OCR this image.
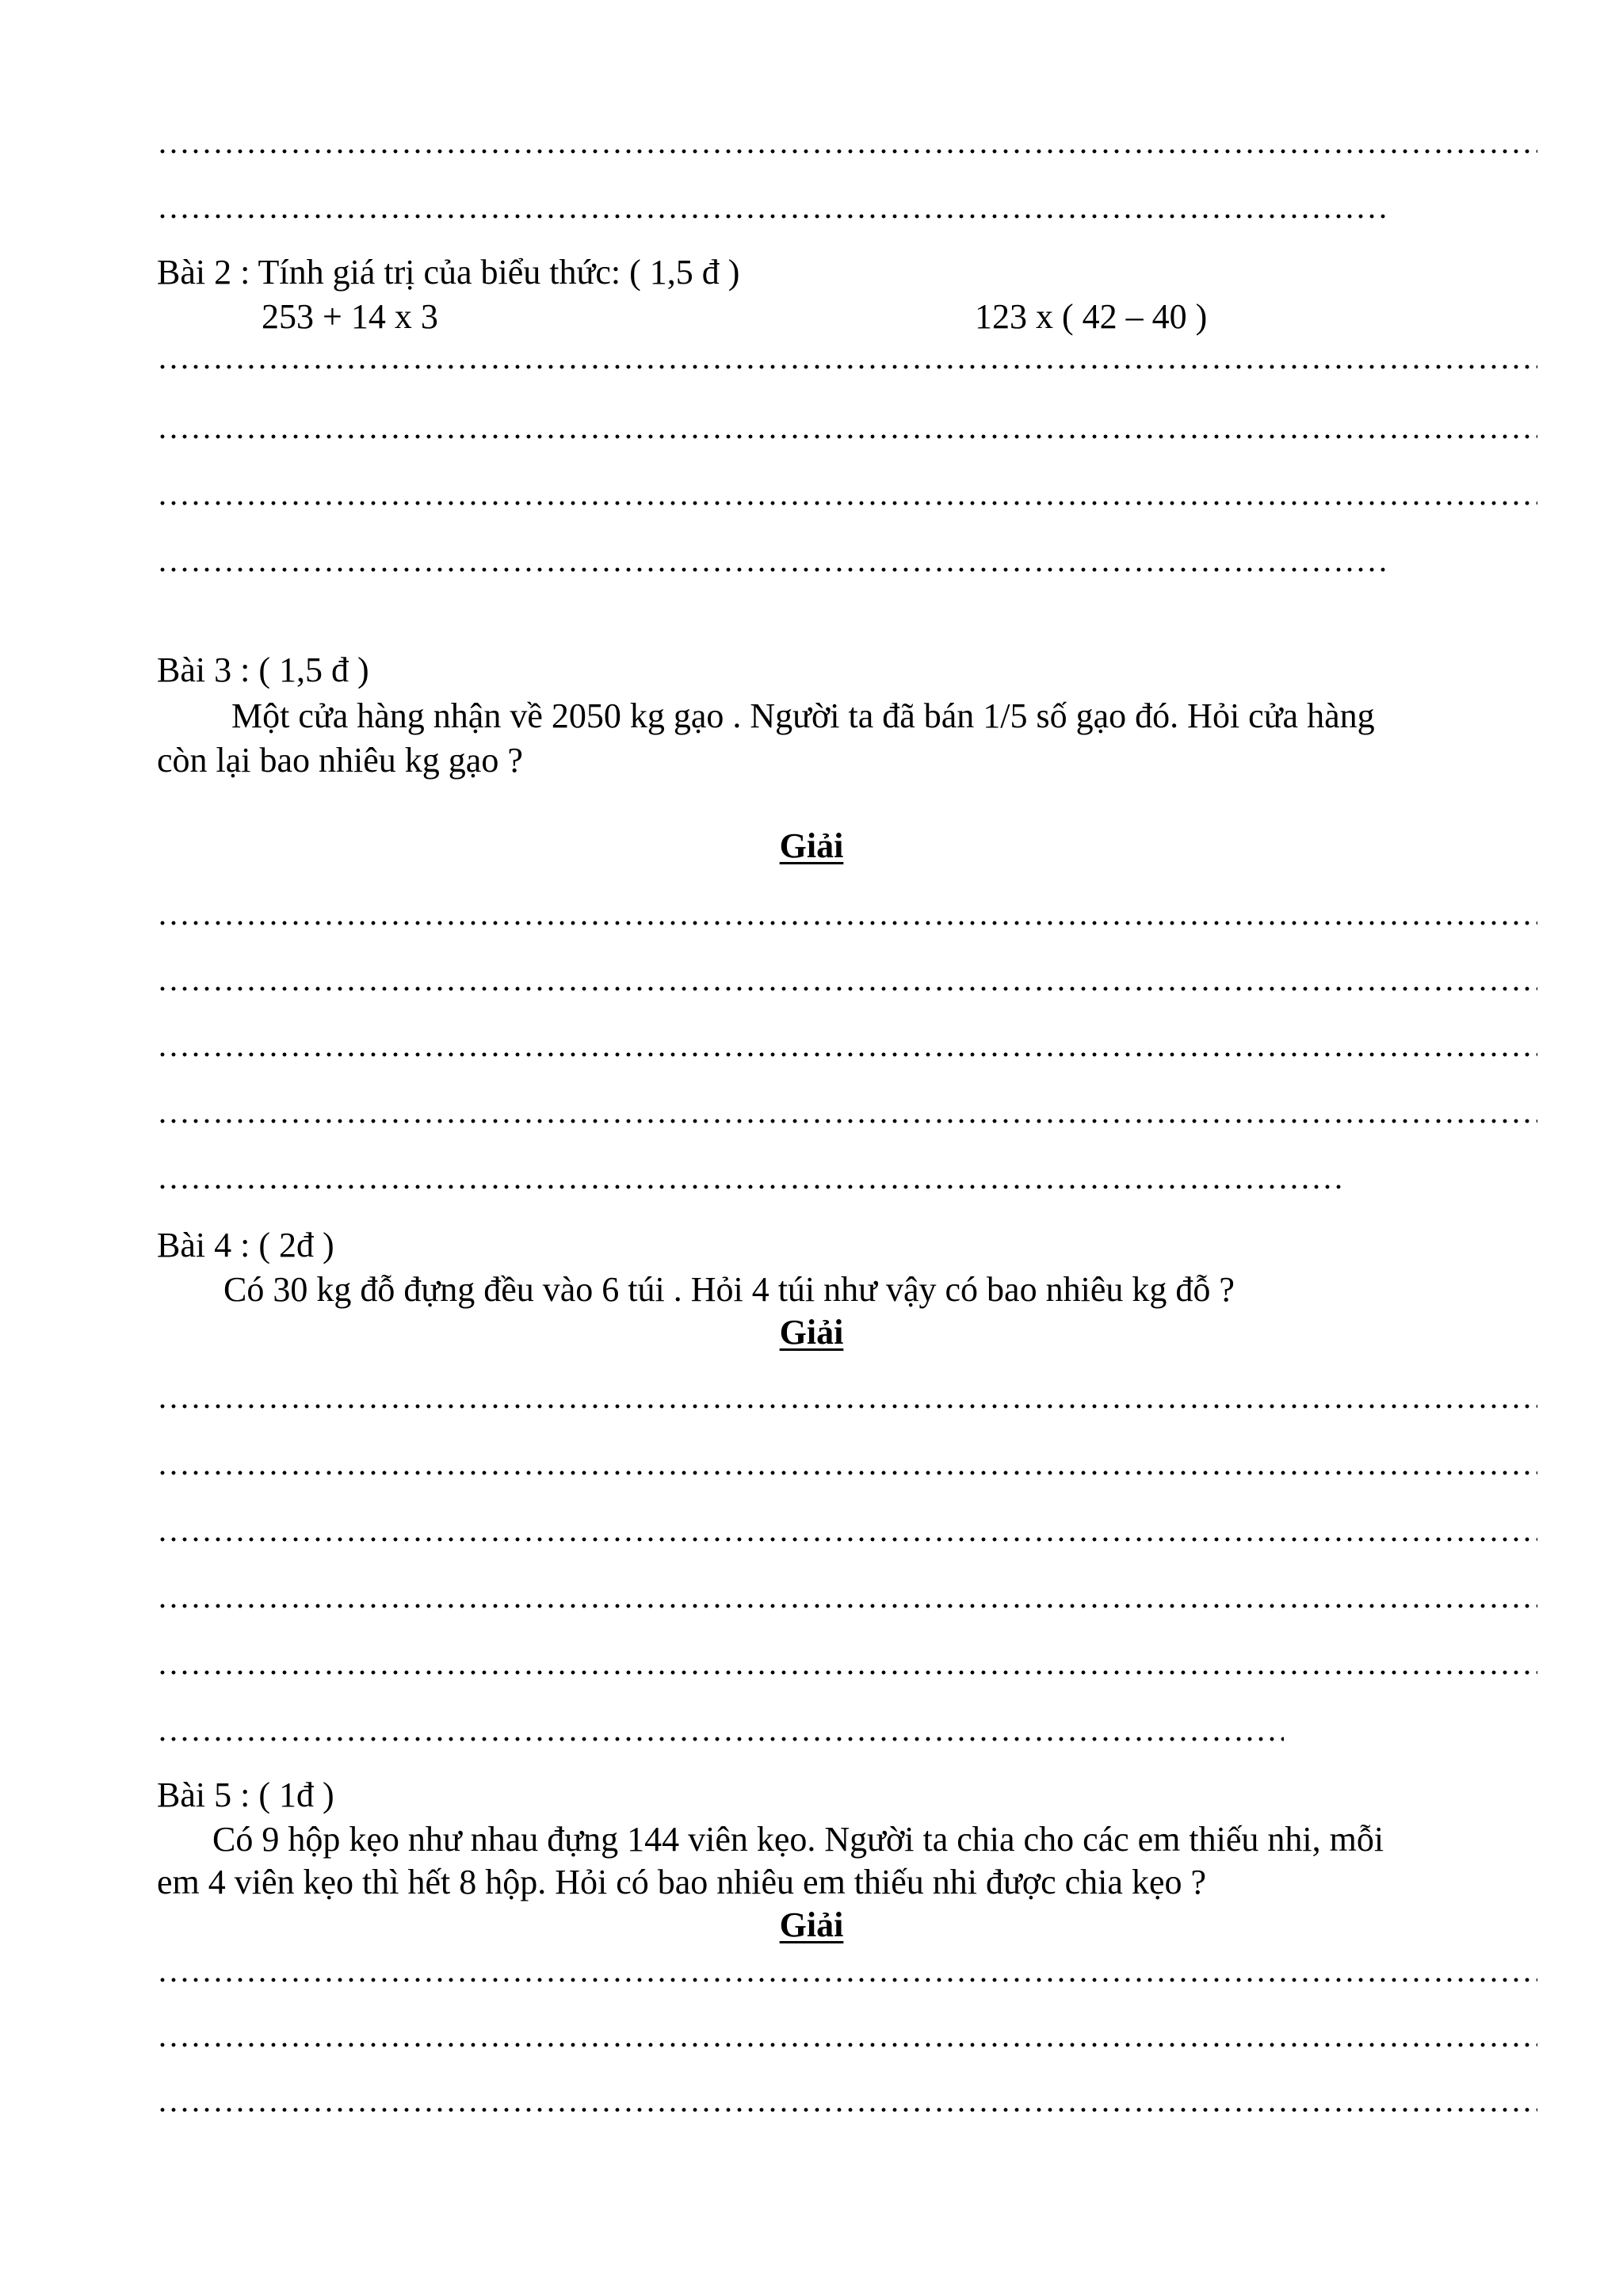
Bài 2 : Tính giá trị của biểu thức: ( 1,5 đ )
253 + 14 x 3	123 x ( 42 – 40 )
Bài 3 : ( 1,5 đ )
Một cửa hàng nhận về 2050 kg gạo . Người ta đã bán 1/5 số gạo đó. Hỏi cửa hàng
còn lại bao nhiêu kg gạo ?
Giải
Bài 4 : ( 2đ )
Có 30 kg đỗ đựng đều vào 6 túi . Hỏi 4 túi như vậy có bao nhiêu kg đỗ ?
Giải
Bài 5 : ( 1đ )
Có 9 hộp kẹo như nhau đựng 144 viên kẹo. Người ta chia cho các em thiếu nhi, mỗi
em 4 viên kẹo thì hết 8 hộp. Hỏi có bao nhiêu em thiếu nhi được chia kẹo ?
Giải
